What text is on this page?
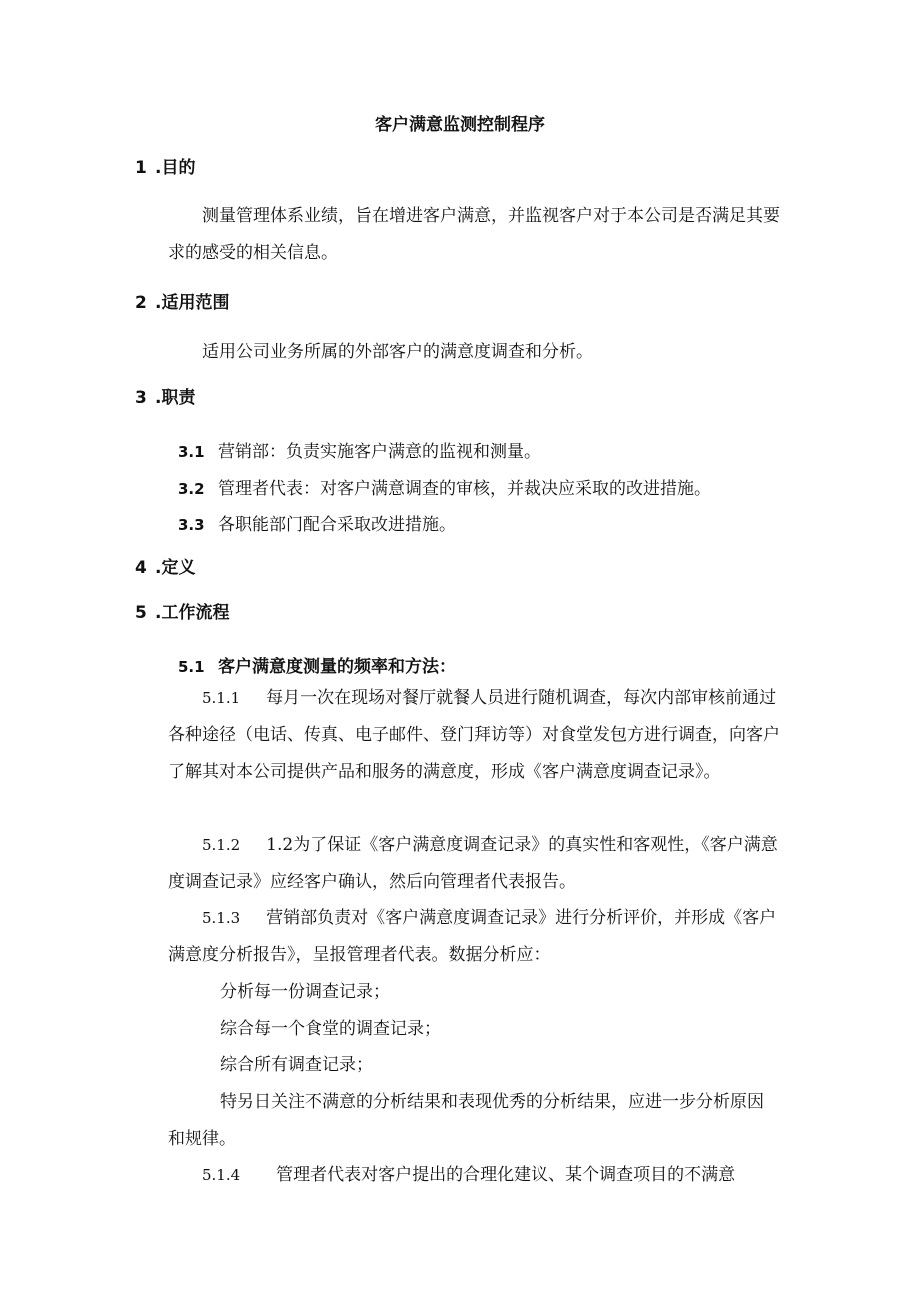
客户满意监测控制程序
1 .目的
测量管理体系业绩，旨在增进客户满意，并监视客户对于本公司是否满足其要求的感受的相关信息。
2 .适用范围
适用公司业务所属的外部客户的满意度调查和分析。
3 .职责
3.1 营销部：负责实施客户满意的监视和测量。
3.2 管理者代表：对客户满意调查的审核，并裁决应采取的改进措施。
3.3 各职能部门配合采取改进措施。
4 .定义
5 .工作流程
5.1 客户满意度测量的频率和方法：
5.1.1 每月一次在现场对餐厅就餐人员进行随机调查，每次内部审核前通过各种途径（电话、传真、电子邮件、登门拜访等）对食堂发包方进行调查，向客户了解其对本公司提供产品和服务的满意度，形成《客户满意度调查记录》。
5.1.2 1.2为了保证《客户满意度调查记录》的真实性和客观性，《客户满意度调查记录》应经客户确认，然后向管理者代表报告。
5.1.3 营销部负责对《客户满意度调查记录》进行分析评价，并形成《客户满意度分析报告》，呈报管理者代表。数据分析应：
分析每一份调查记录；
综合每一个食堂的调查记录；
综合所有调查记录；
特另日关注不满意的分析结果和表现优秀的分析结果，应进一步分析原因和规律。
5.1.4 管理者代表对客户提出的合理化建议、某个调查项目的不满意
